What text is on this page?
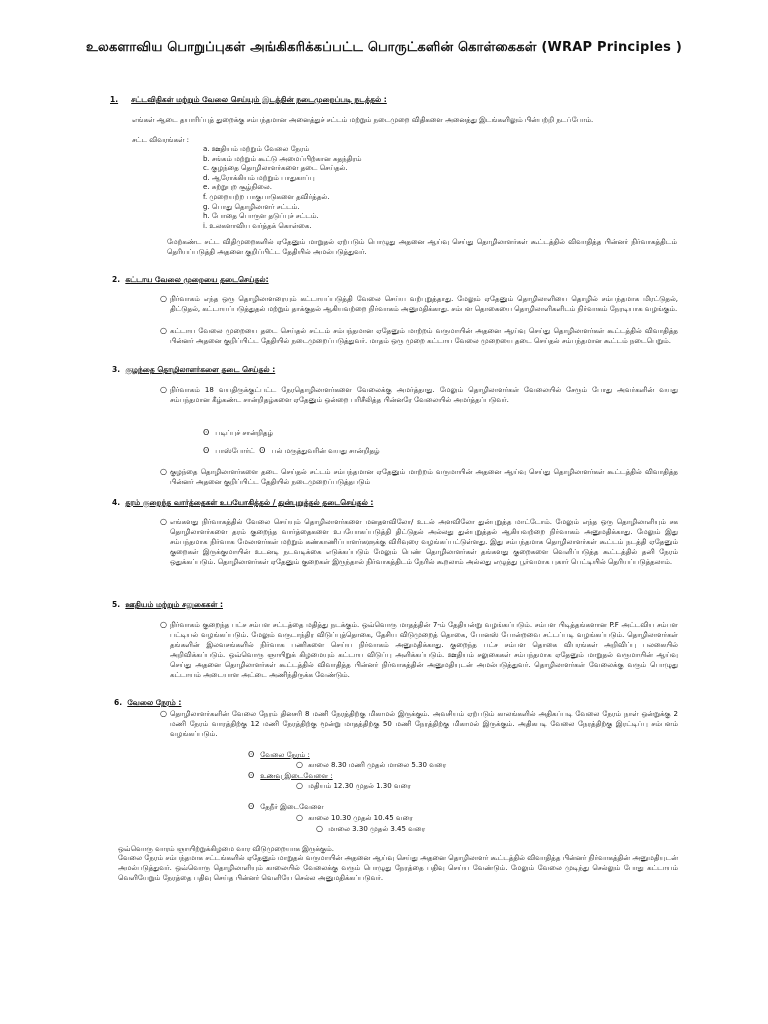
உலகளாவிய பொறுப்புகள் அங்கிகரிக்கப்பட்ட பொருட்களின் கொள்கைகள் (WRAP Principles )
1. சட்டவிதிகள் மற்றும் வேலை செய்யும் இடத்தின் நடைமுறைப்படி நடத்தல் :
எங்கள் ஆடை தயாரிப்புத் துறைக்கு சம்பந்தமான அனைத்துச் சட்டம் மற்றும் நடைமுறை விதிகளை அனைத்து இடங்களிலும் பின்பற்றி நடப்போம்.
சட்ட விவரங்கள் :
a. ஊதியம் மற்றும் வேலை நேரம்
b. சங்கம் மற்றும் கூட்டு அமைப்பிற்கான சுதந்திரம்
c. குழந்தை தொழிலாளர்களை தடை செய்தல்.
d. ஆரோக்கியம் மற்றும் பாதுகாப்பு
e. சுற்றுபுற சூழ்நிலை.
f. முறையற்ற பாகுபாடுகளை தவிர்த்தல்.
g. பொது தொழிலாளர் சட்டம்.
h. போதை பொருள தடுப்புச் சட்டம்.
i. உலகளாவிய வர்த்தக் கொள்கை.
மேற்கண்ட சட்ட விதிமுறைகளில் ஏதேனும் மாறுதல் ஏற்படும் பொழுது அதனை ஆய்வு செய்து தொழிலாளர்கள் கூட்டத்தில் விவாதித்த பின்னர் நிர்வாகத்திடம் தெரியப்படுத்தி அதனை குறிப்பிட்ட தேதியில் அமல்படுத்துவர்.
2. கட்டாய வேலை முறையை தடைசெய்தல்:
○ நிர்வாகம் எந்த ஒரு தொழிலாளரையும் கட்டாயப்படுத்தி வேலை செய்ய வற்புறுத்தாது. மேலும் ஏதேனும் தொழிலாளியை தொழில் சம்பந்தமாக மிரட்டுதல், திட்டுதல், கட்டாயப்படுத்துதல் மற்றும் தாக்குதல் ஆகியவற்றை நிர்வாகம் அனுமதிக்காது. சம்பள தொகையை தொழிலாளிகளிடம் நிர்வாகம் நேரடியாக வழங்கும்.
○ கட்டாய வேலை முறையை தடை செய்தல் சட்டம் சம்பந்தமான ஏதேனும் மாற்றம் வருமாயின் அதனை ஆய்வு செய்து தொழிலாளர்கள் கூட்டத்தில் விவாதித்த பின்னர் அதனை குறிப்பிட்ட தேதியில் நடைமுறைப்படுத்துவர். மாதம் ஒரு முறை கட்டாய வேலை முறையை தடை செய்தல் சம்பந்தமான கூட்டம் நடைபெறும்.
3. குழந்தை தொழிலாளர்களை தடை செய்தல் :
○ நிர்வாகம் 18 வயதிருக்குட்பட்ட நேரதொழிலாளர்களை வேலைக்கு அமர்த்தாது. மேலும் தொழிலாளர்கள் வேலையில் சேரும் போது அவர்களின் வயது சம்பந்தமான கீழ்கண்ட சான்றிதழ்களை ஏதேனும் ஒன்றை பரிசீலித்த பின்னரே வேலையில் அமர்த்தப்படுவர்.
ʘ படிப்புச் சான்றிதழ்
ʘ பாஸ்போர்ட் ʘ பல் மருத்துவரின் வயது சான்றிதழ்
○ குழந்தை தொழிலாளர்களை தடை செய்தல் சட்டம் சம்பந்தமான ஏதேனும் மாற்றம் வருமாயின் அதனை ஆய்வு செய்து தொழிலாளர்கள் கூட்டத்தில் விவாதித்த பின்னர் அதனை குறிப்பிட்ட தேதியில் நடைமுறைப்படுத்தபடும்
4. தரம் குறைந்த வார்த்தைகள் உபயோகித்தல் / துன்புறுத்தல் தடைசெய்தல் :
○ எங்களது நிர்வாகத்தில் வேலை செய்யும் தொழிலாளர்களை மனதளவிலோ/ உடல் அளவிலோ துன்புறுத்த மாட்டோம். மேலும் எந்த ஒரு தொழிலாளியும் சக தொழிலாளர்களை தரம் குறைந்த வார்த்தைகளை உபயோகப்படுத்தி திட்டுதல் அல்லது துன்புறுத்தல் ஆகியவற்றை நிர்வாகம் அனுமதிக்காது. மேலும் இது சம்பந்தமாக நிர்வாக மேலாளர்கள் மற்றும் கண்காணிப்பாளர்களுக்கு விரிவுரை வழங்கப்பட்டுள்ளது. இது சம்பந்தமாக தொழிலாளர்கள் கூட்டம் நடத்தி ஏதேனும் குறைகள் இருக்குமாயின் உடனடி நடவடிக்கை எடுக்கப்படும் மேலும் பெண் தொழிலாளர்கள் தங்களது குறைகளை வெளிப்படுத்த கூட்டத்தில் தனி நேரம் ஒதுக்கப்படும். தொழிலாளர்கள் ஏதேனும் குறைகள் இருந்தால் நிர்வாகத்திடம் நேரில் கூறலாம் அல்லது எழுத்து பூர்வமாக புகார் பெட்டியில் தெரியப்படுத்தலாம்.
5. ஊதியம் மற்றும் சலுகைகள் :
○ நிர்வாகம் குறைந்த பட்ச சம்பள சட்டத்தை மதித்து நடக்கும். ஒவ்வொரு மாதத்தின் 7-ம் தேதியன்று வழங்கப்படும். சம்பள பிடித்தங்களான P.F அட்டவிய சம்பள பட்டியல் வழங்கப்படும். மேலும் வருடாந்திர விடுப்புத்தொகை, தேசிய விடுமுறைத் தொகை, போனஸ் போன்றவை சட்டப்படி வழங்கப்படும். தொழிலாளர்கள் தங்களின் இலவசங்களில் நிர்வாக பணிகளை செய்ய நிர்வாகம் அனுமதிக்காது. குறைந்த பட்ச சம்பள தொகை விபரங்கள் அறிவிப்பு பலகையில் அறிவிக்கப்படும். ஒவ்வொரு ஞாயிறுக் கிழமையும் கட்டாய விடுப்பு அளிக்கப்படும். ஊதியம் சலுகைகள் சம்பந்தமாக ஏதேனும் மாறுதல் வருமாயின் ஆய்வு செய்து அதனை தொழிலாளர்கள் கூட்டத்தில் விவாதித்த பின்னர் நிர்வாகத்தின் அனுமதியுடன் அமல்படுத்துவர். தொழிலாளர்கள் வேலைக்கு வரும் பொழுது கட்டாயம் அடையாள அட்டை அணிந்திருக்க வேண்டும்.
6. வேலை நேரம் :
○ தொழிலாளர்களின் வேலை நேரம் தினசரி 8 மணி நேரத்திற்கு மிகாமல் இருக்கும். அவசியம் ஏற்படும் காலங்களில் அதிகப்படி வேலை நேரம் நாள் ஒன்றுக்கு 2 மணி நேரம் வாரத்திற்கு 12 மணி நேரத்திற்கு மூன்று மாதத்திற்கு 50 மணி நேரத்திற்கு மிகாமல் இருக்கும். அதிகபடி வேலை நேரத்திற்கு இரட்டிப்பு சம்பளம் வழங்கப்படும்.
ʘ வேலை நேரம் :
○ காலை 8.30 மணி முதல் மாலை 5.30 வரை
ʘ உணவு இடைவேளை :
○ மதியம் 12.30 முதல் 1.30 வரை
ʘ தேநீர் இடைவேளை
○ காலை 10.30 முதல் 10.45 வரை
○ மாலை 3.30 முதல் 3.45 வரை
ஒவ்வொரு வாரம் ஞாயிற்றுக்கிழமை வார விடுமுறையாக இருக்கும்.
வேலை நேரம் சம்பந்தமாக சட்டங்களில் ஏதேனும் மாறுதல் வருமாயின் அதனை ஆய்வு செய்து அதனை தொழிலாளர் கூட்டத்தில் விவாதித்த பின்னர் நிர்வாகத்தின் அனுமதியுடன் அமல்படுத்துவர். ஒவ்வொரு தொழிலாளியும் காலையில் வேலைக்கு வரும் பொழுது நேரத்தை பதிவு செய்ய வேண்டும். மேலும் வேலை முடிந்து செல்லும் போது கட்டாயம் வெளியேறும் நேரத்தை பதிவு செய்த பின்னர் வெளியே செல்ல அனுமதிக்கப்படுவர்.
